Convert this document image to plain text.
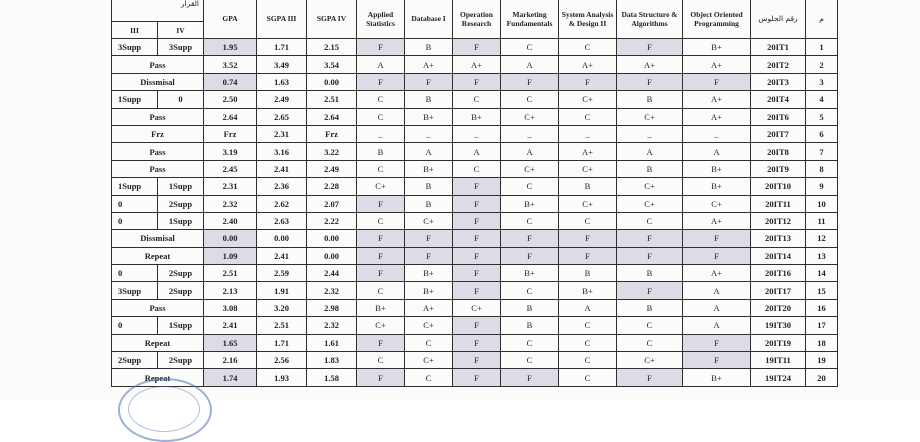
القرار		GPA	SGPA III	SGPA IV	Applied Statistics	Database I	Operation Research	Marketing Fundamentals	System Analysis & Design II	Data Structure & Algorithms	Object Oriented Programming	رقم الجلوس	م
III	IV												
3Supp	3Supp	1.95	1.71	2.15	F	B	F	C	C	F	B+	20IT1	1
Pass		3.52	3.49	3.54	A	A+	A+	A	A+	A+	A+	20IT2	2
Dissmisal		0.74	1.63	0.00	F	F	F	F	F	F	F	20IT3	3
1Supp	0	2.50	2.49	2.51	C	B	C	C	C+	B	A+	20IT4	4
Pass		2.64	2.65	2.64	C	B+	B+	C+	C	C+	A+	20IT6	5
Frz		Frz	2.31	Frz	_	_	_	_	_	_	_	20IT7	6
Pass		3.19	3.16	3.22	B	A	A	A	A+	A	A	20IT8	7
Pass		2.45	2.41	2.49	C	B+	C	C+	C+	B	B+	20IT9	8
1Supp	1Supp	2.31	2.36	2.28	C+	B	F	C	B	C+	B+	20IT10	9
0	2Supp	2.32	2.62	2.07	F	B	F	B+	C+	C+	C+	20IT11	10
0	1Supp	2.40	2.63	2.22	C	C+	F	C	C	C	A+	20IT12	11
Dissmisal		0.00	0.00	0.00	F	F	F	F	F	F	F	20IT13	12
Repeat		1.09	2.41	0.00	F	F	F	F	F	F	F	20IT14	13
0	2Supp	2.51	2.59	2.44	F	B+	F	B+	B	B	A+	20IT16	14
3Supp	2Supp	2.13	1.91	2.32	C	B+	F	C	B+	F	A	20IT17	15
Pass		3.08	3.20	2.98	B+	A+	C+	B	A	B	A	20IT20	16
0	1Supp	2.41	2.51	2.32	C+	C+	F	B	C	C	A	19IT30	17
Repeat		1.65	1.71	1.61	F	C	F	C	C	C	F	20IT19	18
2Supp	2Supp	2.16	2.56	1.83	C	C+	F	C	C	C+	F	19IT11	19
Repeat		1.74	1.93	1.58	F	C	F	F	C	F	B+	19IT24	20
